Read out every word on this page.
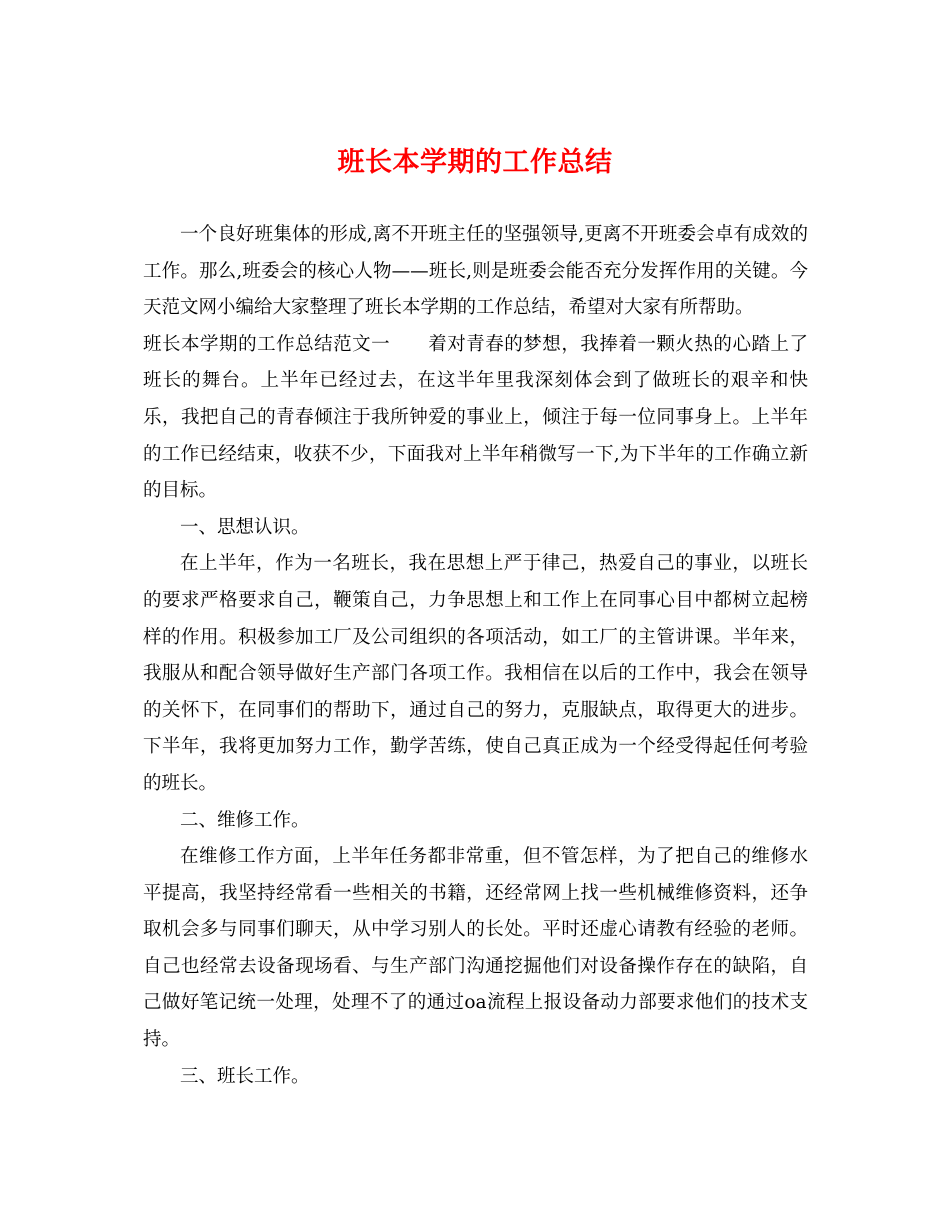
班长本学期的工作总结

一个良好班集体的形成,离不开班主任的坚强领导,更离不开班委会卓有成效的工作。那么,班委会的核心人物——班长,则是班委会能否充分发挥作用的关键。今天范文网小编给大家整理了班长本学期的工作总结，希望对大家有所帮助。

班长本学期的工作总结范文一　　着对青春的梦想，我捧着一颗火热的心踏上了班长的舞台。上半年已经过去，在这半年里我深刻体会到了做班长的艰辛和快乐，我把自己的青春倾注于我所钟爱的事业上，倾注于每一位同事身上。上半年的工作已经结束，收获不少，下面我对上半年稍微写一下,为下半年的工作确立新的目标。

一、思想认识。

在上半年，作为一名班长，我在思想上严于律己，热爱自己的事业，以班长的要求严格要求自己，鞭策自己，力争思想上和工作上在同事心目中都树立起榜样的作用。积极参加工厂及公司组织的各项活动，如工厂的主管讲课。半年来，我服从和配合领导做好生产部门各项工作。我相信在以后的工作中，我会在领导的关怀下，在同事们的帮助下，通过自己的努力，克服缺点，取得更大的进步。下半年，我将更加努力工作，勤学苦练，使自己真正成为一个经受得起任何考验的班长。

二、维修工作。

在维修工作方面，上半年任务都非常重，但不管怎样，为了把自己的维修水平提高，我坚持经常看一些相关的书籍，还经常网上找一些机械维修资料，还争取机会多与同事们聊天，从中学习别人的长处。平时还虚心请教有经验的老师。自己也经常去设备现场看、与生产部门沟通挖掘他们对设备操作存在的缺陷，自己做好笔记统一处理，处理不了的通过oa流程上报设备动力部要求他们的技术支持。

三、班长工作。
